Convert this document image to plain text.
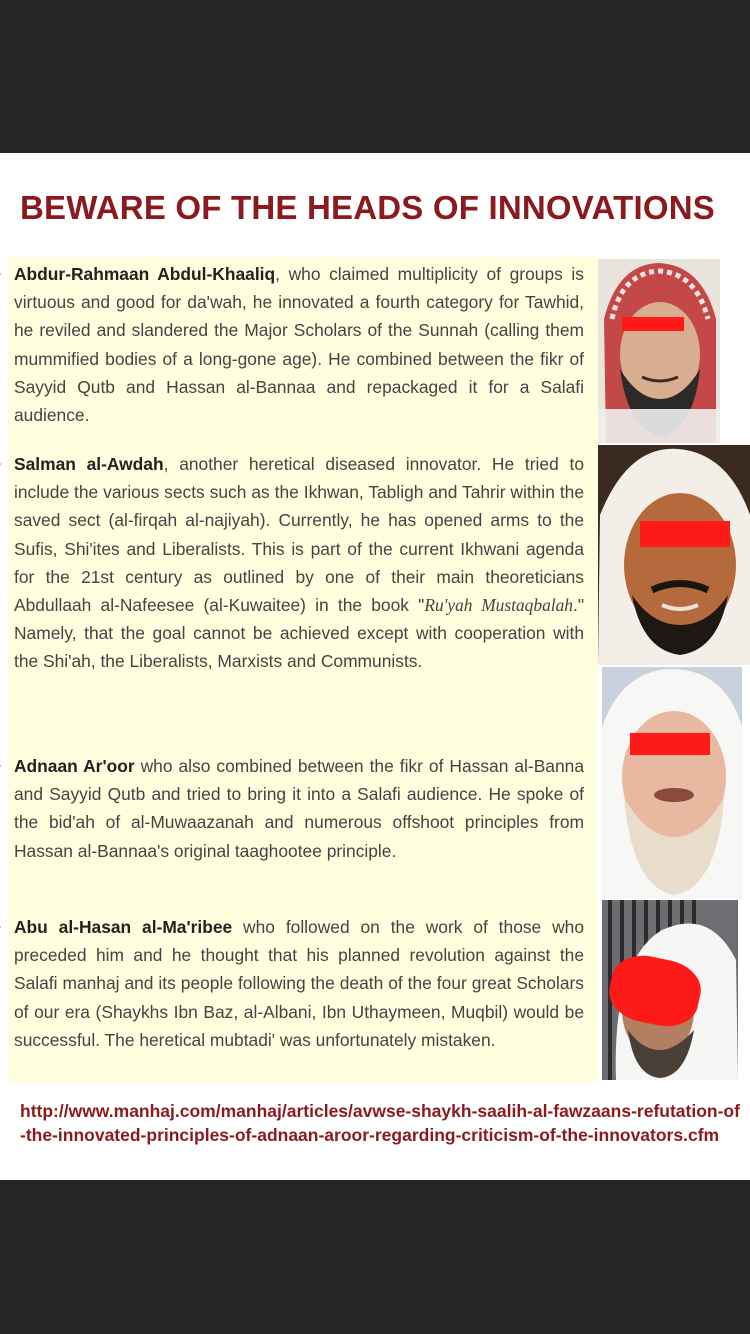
BEWARE OF THE HEADS OF INNOVATIONS
Abdur-Rahmaan Abdul-Khaaliq, who claimed multiplicity of groups is virtuous and good for da'wah, he innovated a fourth category for Tawhid, he reviled and slandered the Major Scholars of the Sunnah (calling them mummified bodies of a long-gone age). He combined between the fikr of Sayyid Qutb and Hassan al-Bannaa and repackaged it for a Salafi audience.
Salman al-Awdah, another heretical diseased innovator. He tried to include the various sects such as the Ikhwan, Tabligh and Tahrir within the saved sect (al-firqah al-najiyah). Currently, he has opened arms to the Sufis, Shi'ites and Liberalists. This is part of the current Ikhwani agenda for the 21st century as outlined by one of their main theoreticians Abdullaah al-Nafeesee (al-Kuwaitee) in the book "Ru'yah Mustaqbalah." Namely, that the goal cannot be achieved except with cooperation with the Shi'ah, the Liberalists, Marxists and Communists.
Adnaan Ar'oor who also combined between the fikr of Hassan al-Banna and Sayyid Qutb and tried to bring it into a Salafi audience. He spoke of the bid'ah of al-Muwaazanah and numerous offshoot principles from Hassan al-Bannaa's original taaghootee principle.
Abu al-Hasan al-Ma'ribee who followed on the work of those who preceded him and he thought that his planned revolution against the Salafi manhaj and its people following the death of the four great Scholars of our era (Shaykhs Ibn Baz, al-Albani, Ibn Uthaymeen, Muqbil) would be successful. The heretical mubtadi' was unfortunately mistaken.
http://www.manhaj.com/manhaj/articles/avwse-shaykh-saalih-al-fawzaans-refutation-of-the-innovated-principles-of-adnaan-aroor-regarding-criticism-of-the-innovators.cfm
